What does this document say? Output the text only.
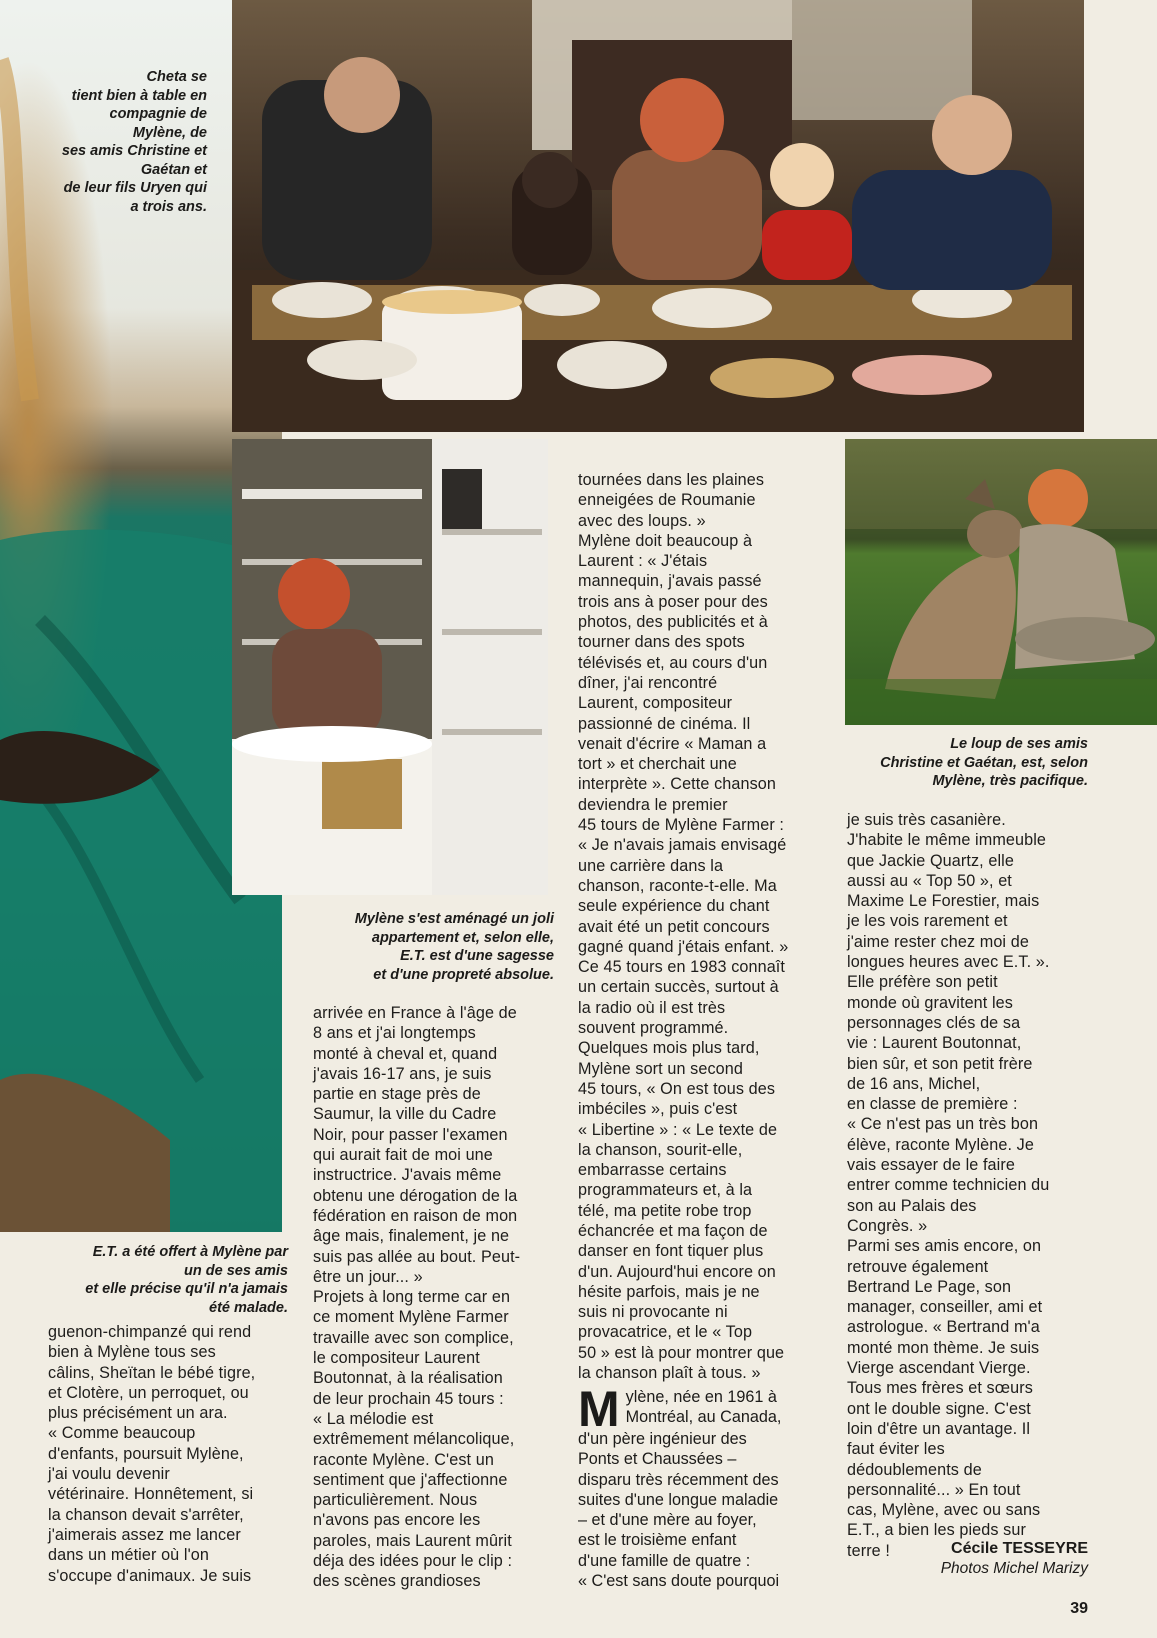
Cheta se
tient bien à table en
compagnie de
Mylène, de
ses amis Christine et
Gaétan et
de leur fils Uryen qui
a trois ans.
Mylène s'est aménagé un joli
appartement et, selon elle,
E.T. est d'une sagesse
et d'une propreté absolue.
Le loup de ses amis
Christine et Gaétan, est, selon
Mylène, très pacifique.
E.T. a été offert à Mylène par
un de ses amis
et elle précise qu'il n'a jamais
été malade.
guenon-chimpanzé qui rend
bien à Mylène tous ses
câlins, Sheïtan le bébé tigre,
et Clotère, un perroquet, ou
plus précisément un ara.
« Comme beaucoup
d'enfants, poursuit Mylène,
j'ai voulu devenir
vétérinaire. Honnêtement, si
la chanson devait s'arrêter,
j'aimerais assez me lancer
dans un métier où l'on
s'occupe d'animaux. Je suis
arrivée en France à l'âge de
8 ans et j'ai longtemps
monté à cheval et, quand
j'avais 16-17 ans, je suis
partie en stage près de
Saumur, la ville du Cadre
Noir, pour passer l'examen
qui aurait fait de moi une
instructrice. J'avais même
obtenu une dérogation de la
fédération en raison de mon
âge mais, finalement, je ne
suis pas allée au bout. Peut-
être un jour... »
Projets à long terme car en
ce moment Mylène Farmer
travaille avec son complice,
le compositeur Laurent
Boutonnat, à la réalisation
de leur prochain 45 tours :
« La mélodie est
extrêmement mélancolique,
raconte Mylène. C'est un
sentiment que j'affectionne
particulièrement. Nous
n'avons pas encore les
paroles, mais Laurent mûrit
déja des idées pour le clip :
des scènes grandioses
tournées dans les plaines
enneigées de Roumanie
avec des loups. »
Mylène doit beaucoup à
Laurent : « J'étais
mannequin, j'avais passé
trois ans à poser pour des
photos, des publicités et à
tourner dans des spots
télévisés et, au cours d'un
dîner, j'ai rencontré
Laurent, compositeur
passionné de cinéma. Il
venait d'écrire « Maman a
tort » et cherchait une
interprète ». Cette chanson
deviendra le premier
45 tours de Mylène Farmer :
« Je n'avais jamais envisagé
une carrière dans la
chanson, raconte-t-elle. Ma
seule expérience du chant
avait été un petit concours
gagné quand j'étais enfant. »
Ce 45 tours en 1983 connaît
un certain succès, surtout à
la radio où il est très
souvent programmé.
Quelques mois plus tard,
Mylène sort un second
45 tours, « On est tous des
imbéciles », puis c'est
« Libertine » : « Le texte de
la chanson, sourit-elle,
embarrasse certains
programmateurs et, à la
télé, ma petite robe trop
échancrée et ma façon de
danser en font tiquer plus
d'un. Aujourd'hui encore on
hésite parfois, mais je ne
suis ni provocante ni
provacatrice, et le « Top
50 » est là pour montrer que
la chanson plaît à tous. »
M ylène, née en 1961 à
Montréal, au Canada,
d'un père ingénieur des
Ponts et Chaussées –
disparu très récemment des
suites d'une longue maladie
– et d'une mère au foyer,
est le troisième enfant
d'une famille de quatre :
« C'est sans doute pourquoi
je suis très casanière.
J'habite le même immeuble
que Jackie Quartz, elle
aussi au « Top 50 », et
Maxime Le Forestier, mais
je les vois rarement et
j'aime rester chez moi de
longues heures avec E.T. ».
Elle préfère son petit
monde où gravitent les
personnages clés de sa
vie : Laurent Boutonnat,
bien sûr, et son petit frère
de 16 ans, Michel,
en classe de première :
« Ce n'est pas un très bon
élève, raconte Mylène. Je
vais essayer de le faire
entrer comme technicien du
son au Palais des
Congrès. »
Parmi ses amis encore, on
retrouve également
Bertrand Le Page, son
manager, conseiller, ami et
astrologue. « Bertrand m'a
monté mon thème. Je suis
Vierge ascendant Vierge.
Tous mes frères et sœurs
ont le double signe. C'est
loin d'être un avantage. Il
faut éviter les
dédoublements de
personnalité... » En tout
cas, Mylène, avec ou sans
E.T., a bien les pieds sur
terre !	Cécile TESSEYRE
Photos Michel Marizy
39
